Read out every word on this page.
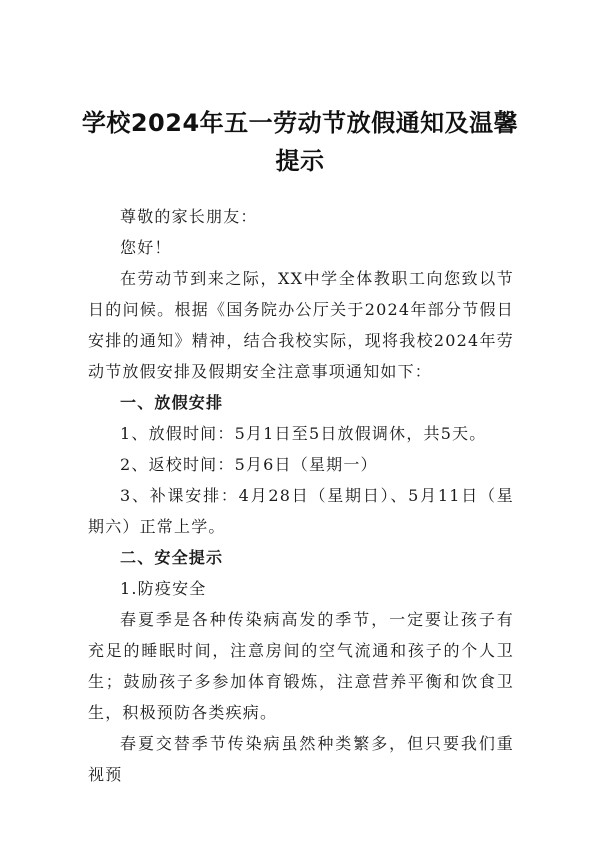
学校2024年五一劳动节放假通知及温馨提示

尊敬的家长朋友：

您好！

在劳动节到来之际，XX中学全体教职工向您致以节日的问候。根据《国务院办公厅关于2024年部分节假日安排的通知》精神，结合我校实际，现将我校2024年劳动节放假安排及假期安全注意事项通知如下：

一、放假安排

1、放假时间：5月1日至5日放假调休，共5天。

2、返校时间：5月6日（星期一）

3、补课安排：4月28日（星期日）、5月11日（星期六）正常上学。

二、安全提示

1.防疫安全

春夏季是各种传染病高发的季节，一定要让孩子有充足的睡眠时间，注意房间的空气流通和孩子的个人卫生；鼓励孩子多参加体育锻炼，注意营养平衡和饮食卫生，积极预防各类疾病。

春夏交替季节传染病虽然种类繁多，但只要我们重视预
